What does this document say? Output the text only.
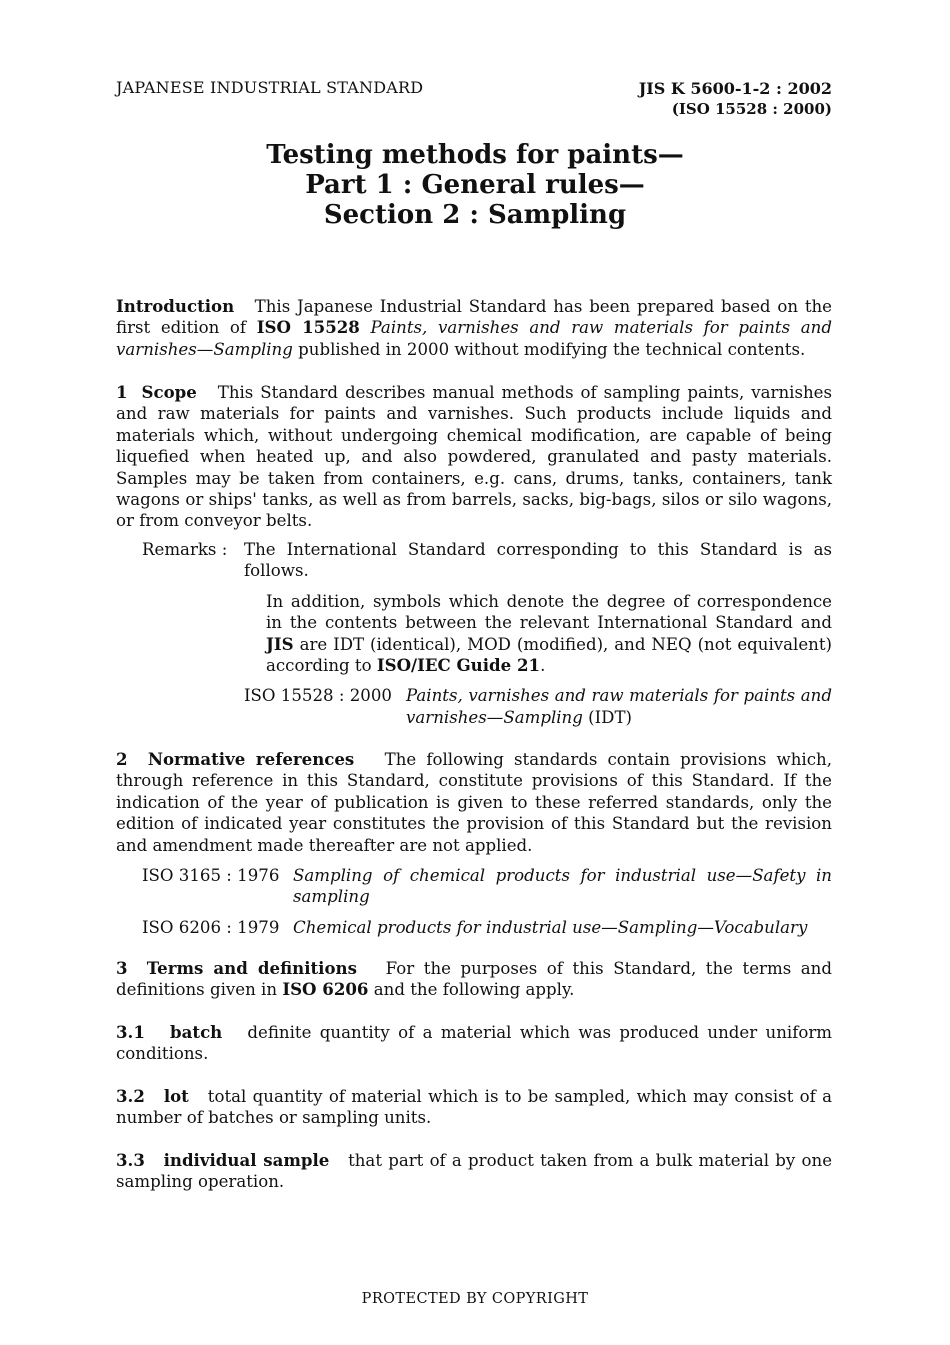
JAPANESE INDUSTRIAL STANDARD	JIS K 5600-1-2 : 2002
(ISO 15528 : 2000)
Testing methods for paints—
Part 1 : General rules—
Section 2 : Sampling

Introduction This Japanese Industrial Standard has been prepared based on the first edition of ISO 15528 Paints, varnishes and raw materials for paints and varnishes—Sampling published in 2000 without modifying the technical contents.

1 Scope This Standard describes manual methods of sampling paints, varnishes and raw materials for paints and varnishes. Such products include liquids and materials which, without undergoing chemical modification, are capable of being liquefied when heated up, and also powdered, granulated and pasty materials. Samples may be taken from containers, e.g. cans, drums, tanks, containers, tank wagons or ships' tanks, as well as from barrels, sacks, big-bags, silos or silo wagons, or from conveyor belts.

Remarks : The International Standard corresponding to this Standard is as follows.

In addition, symbols which denote the degree of correspondence in the contents between the relevant International Standard and JIS are IDT (identical), MOD (modified), and NEQ (not equivalent) according to ISO/IEC Guide 21.

ISO 15528 : 2000 Paints, varnishes and raw materials for paints and varnishes—Sampling (IDT)

2 Normative references The following standards contain provisions which, through reference in this Standard, constitute provisions of this Standard. If the indication of the year of publication is given to these referred standards, only the edition of indicated year constitutes the provision of this Standard but the revision and amendment made thereafter are not applied.

ISO 3165 : 1976 Sampling of chemical products for industrial use—Safety in sampling
ISO 6206 : 1979 Chemical products for industrial use—Sampling—Vocabulary

3 Terms and definitions For the purposes of this Standard, the terms and definitions given in ISO 6206 and the following apply.

3.1 batch definite quantity of a material which was produced under uniform conditions.

3.2 lot total quantity of material which is to be sampled, which may consist of a number of batches or sampling units.

3.3 individual sample that part of a product taken from a bulk material by one sampling operation.

PROTECTED BY COPYRIGHT
